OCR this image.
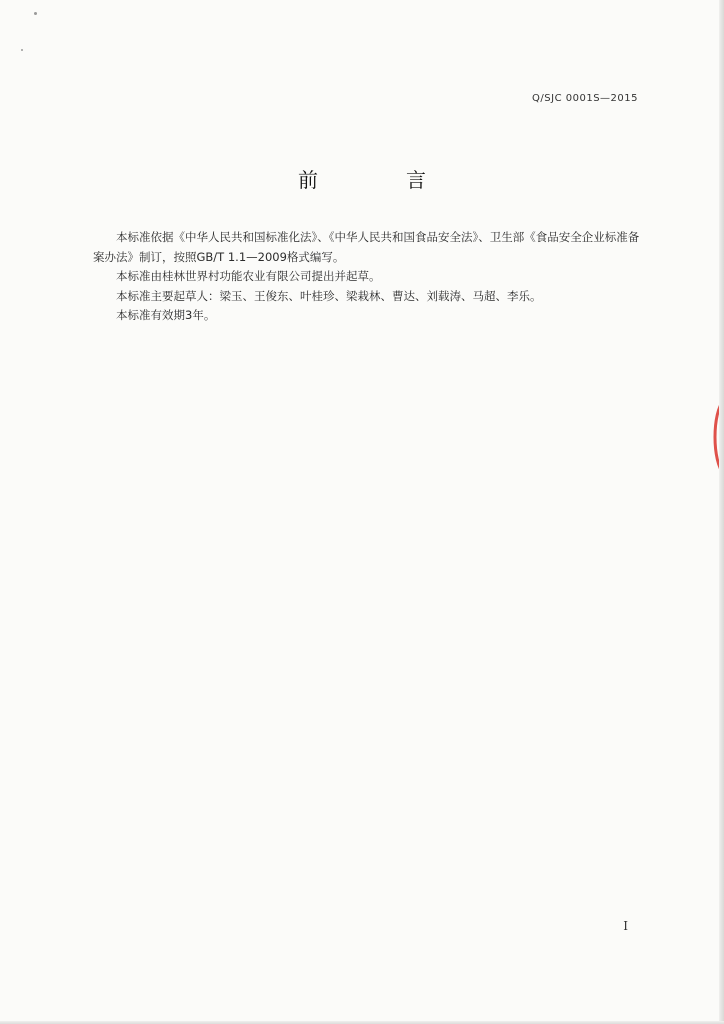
Q/SJC 0001S—2015
前　言

本标准依据《中华人民共和国标准化法》、《中华人民共和国食品安全法》、卫生部《食品安全企业标准备案办法》制订，按照GB/T 1.1—2009格式编写。

本标准由桂林世界村功能农业有限公司提出并起草。

本标准主要起草人：梁玉、王俊东、叶桂珍、梁栽林、曹达、刘载涛、马超、李乐。

本标准有效期3年。

I
